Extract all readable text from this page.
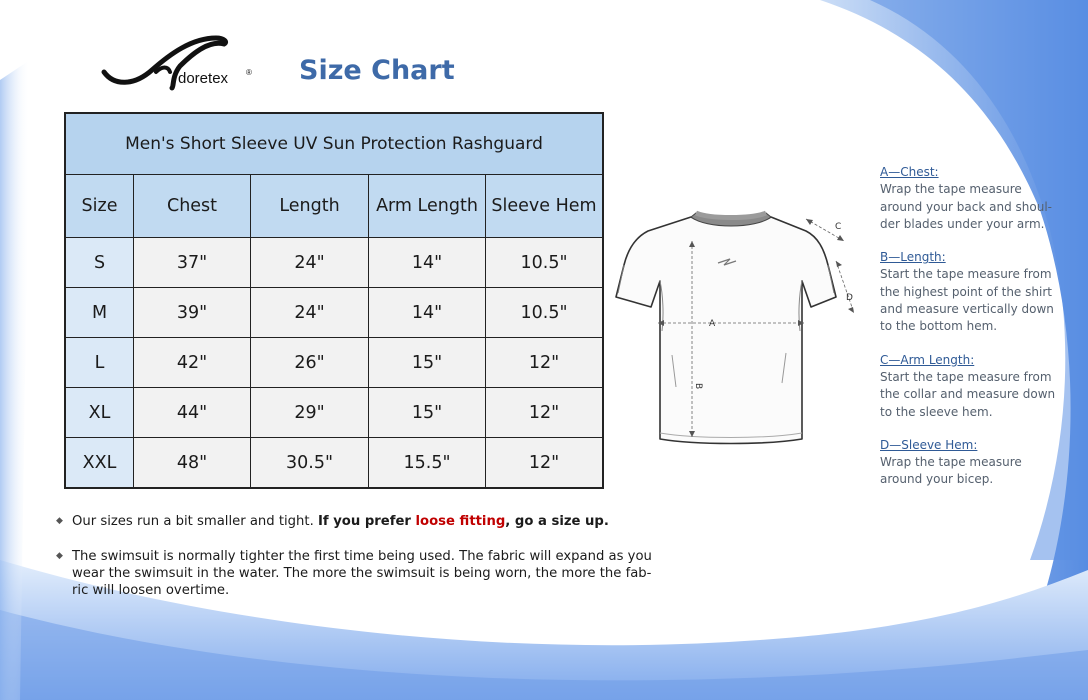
doretex ® Size Chart
Men's Short Sleeve UV Sun Protection Rashguard				
Size	Chest	Length	Arm Length	Sleeve Hem
S	37"	24"	14"	10.5"
M	39"	24"	14"	10.5"
L	42"	26"	15"	12"
XL	44"	29"	15"	12"
XXL	48"	30.5"	15.5"	12"
◆ Our sizes run a bit smaller and tight. If you prefer loose fitting, go a size up.
◆ The swimsuit is normally tighter the first time being used. The fabric will expand as you wear the swimsuit in the water. The more the swimsuit is being worn, the more the fab-ric will loosen overtime.
A
B
C
D
A—Chest:
Wrap the tape measure
around your back and shoul-
der blades under your arm.
B—Length:
Start the tape measure from
the highest point of the shirt
and measure vertically down
to the bottom hem.
C—Arm Length:
Start the tape measure from
the collar and measure down
to the sleeve hem.
D—Sleeve Hem:
Wrap the tape measure
around your bicep.
